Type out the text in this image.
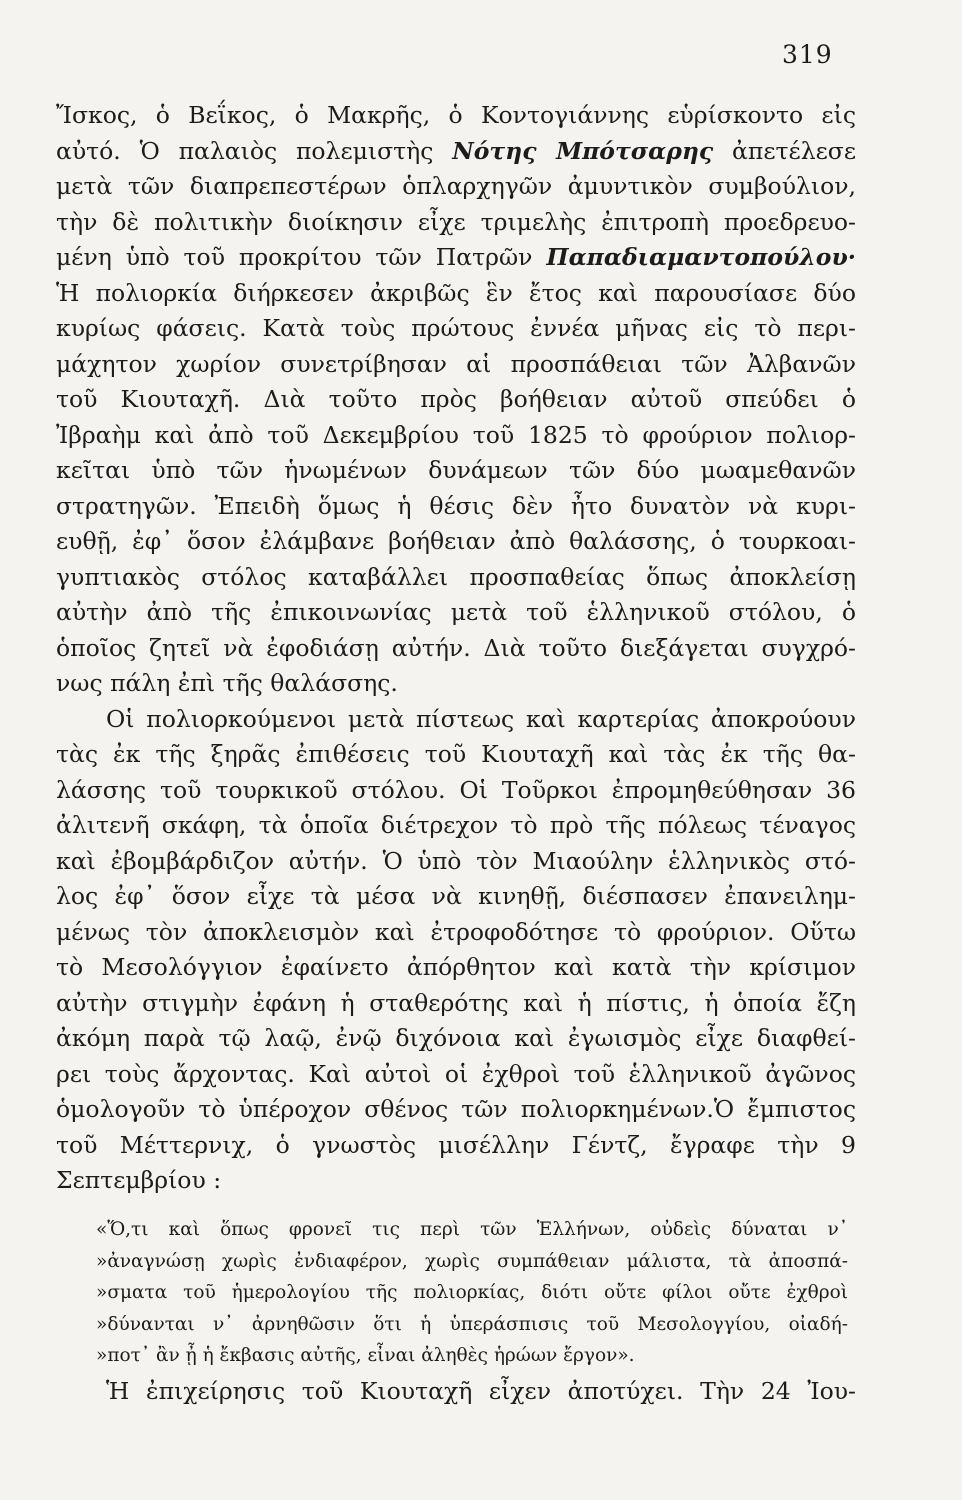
319
Ἴσκος, ὁ Βεΐκος, ὁ Μακρῆς, ὁ Κοντογιάννης εὑρίσκοντο εἰς
αὐτό. Ὁ παλαιὸς πολεμιστὴς Νότης Μπότσαρης ἀπετέλεσε
μετὰ τῶν διαπρεπεστέρων ὁπλαρχηγῶν ἀμυντικὸν συμβούλιον,
τὴν δὲ πολιτικὴν διοίκησιν εἶχε τριμελὴς ἐπιτροπὴ προεδρευο-
μένη ὑπὸ τοῦ προκρίτου τῶν Πατρῶν Παπαδιαμαντοπούλου·
Ἡ πολιορκία διήρκεσεν ἀκριβῶς ἓν ἔτος καὶ παρουσίασε δύο
κυρίως φάσεις. Κατὰ τοὺς πρώτους ἐννέα μῆνας εἰς τὸ περι-
μάχητον χωρίον συνετρίβησαν αἱ προσπάθειαι τῶν Ἀλβανῶν
τοῦ Κιουταχῆ. Διὰ τοῦτο πρὸς βοήθειαν αὐτοῦ σπεύδει ὁ
Ἰβραὴμ καὶ ἀπὸ τοῦ Δεκεμβρίου τοῦ 1825 τὸ φρούριον πολιορ-
κεῖται ὑπὸ τῶν ἡνωμένων δυνάμεων τῶν δύο μωαμεθανῶν
στρατηγῶν. Ἐπειδὴ ὅμως ἡ θέσις δὲν ἦτο δυνατὸν νὰ κυρι-
ευθῇ, ἐφ᾽ ὅσον ἐλάμβανε βοήθειαν ἀπὸ θαλάσσης, ὁ τουρκοαι-
γυπτιακὸς στόλος καταβάλλει προσπαθείας ὅπως ἀποκλείσῃ
αὐτὴν ἀπὸ τῆς ἐπικοινωνίας μετὰ τοῦ ἑλληνικοῦ στόλου, ὁ
ὁποῖος ζητεῖ νὰ ἐφοδιάσῃ αὐτήν. Διὰ τοῦτο διεξάγεται συγχρό-
νως πάλη ἐπὶ τῆς θαλάσσης.
Οἱ πολιορκούμενοι μετὰ πίστεως καὶ καρτερίας ἀποκρούουν
τὰς ἐκ τῆς ξηρᾶς ἐπιθέσεις τοῦ Κιουταχῆ καὶ τὰς ἐκ τῆς θα-
λάσσης τοῦ τουρκικοῦ στόλου. Οἱ Τοῦρκοι ἐπρομηθεύθησαν 36
ἀλιτενῆ σκάφη, τὰ ὁποῖα διέτρεχον τὸ πρὸ τῆς πόλεως τέναγος
καὶ ἐβομβάρδιζον αὐτήν. Ὁ ὑπὸ τὸν Μιαούλην ἑλληνικὸς στό-
λος ἐφ᾽ ὅσον εἶχε τὰ μέσα νὰ κινηθῇ, διέσπασεν ἐπανειλημ-
μένως τὸν ἀποκλεισμὸν καὶ ἐτροφοδότησε τὸ φρούριον. Οὕτω
τὸ Μεσολόγγιον ἐφαίνετο ἀπόρθητον καὶ κατὰ τὴν κρίσιμον
αὐτὴν στιγμὴν ἐφάνη ἡ σταθερότης καὶ ἡ πίστις, ἡ ὁποία ἔζη
ἀκόμη παρὰ τῷ λαῷ, ἐνῷ διχόνοια καὶ ἐγωισμὸς εἶχε διαφθεί-
ρει τοὺς ἄρχοντας. Καὶ αὐτοὶ οἱ ἐχθροὶ τοῦ ἑλληνικοῦ ἀγῶνος
ὁμολογοῦν τὸ ὑπέροχον σθένος τῶν πολιορκημένων.Ὁ ἔμπιστος
τοῦ Μέττερνιχ, ὁ γνωστὸς μισέλλην Γέντζ, ἔγραφε τὴν 9
Σεπτεμβρίου :
«Ὅ,τι καὶ ὅπως φρονεῖ τις περὶ τῶν Ἑλλήνων, οὐδεὶς δύναται ν᾽
»ἀναγνώσῃ χωρὶς ἐνδιαφέρον, χωρὶς συμπάθειαν μάλιστα, τὰ ἀποσπά-
»σματα τοῦ ἡμερολογίου τῆς πολιορκίας, διότι οὔτε φίλοι οὔτε ἐχθροὶ
»δύνανται ν᾽ ἀρνηθῶσιν ὅτι ἡ ὑπεράσπισις τοῦ Μεσολογγίου, οἰαδή-
»ποτ᾽ ἂν ᾖ ἡ ἔκβασις αὐτῆς, εἶναι ἀληθὲς ἡρώων ἔργον».
Ἡ ἐπιχείρησις τοῦ Κιουταχῆ εἶχεν ἀποτύχει. Τὴν 24 Ἰου-
